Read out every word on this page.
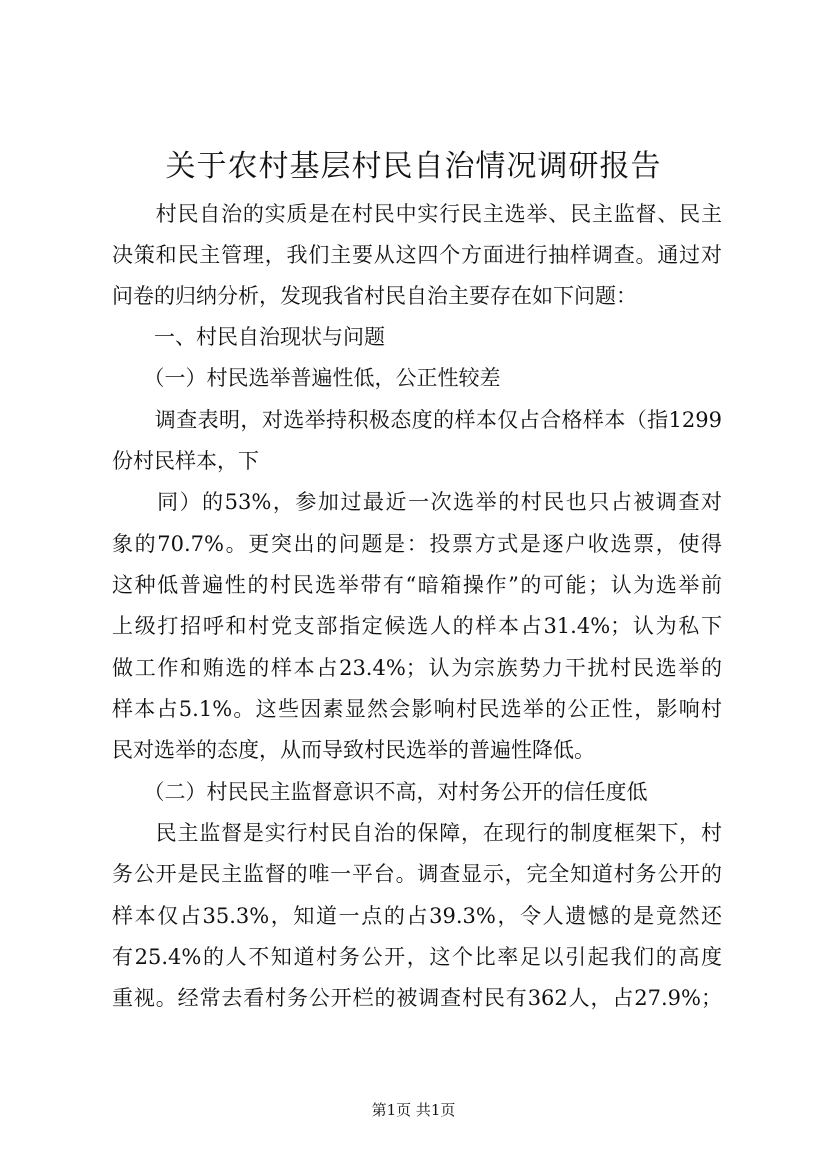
关于农村基层村民自治情况调研报告
　　村民自治的实质是在村民中实行民主选举、民主监督、民主
决策和民主管理，我们主要从这四个方面进行抽样调查。通过对
问卷的归纳分析，发现我省村民自治主要存在如下问题：
　　一、村民自治现状与问题
　　（一）村民选举普遍性低，公正性较差
　　调查表明，对选举持积极态度的样本仅占合格样本（指1299
份村民样本，下
　　同）的53%，参加过最近一次选举的村民也只占被调查对
象的70.7%。更突出的问题是：投票方式是逐户收选票，使得
这种低普遍性的村民选举带有“暗箱操作”的可能；认为选举前
上级打招呼和村党支部指定候选人的样本占31.4%；认为私下
做工作和贿选的样本占23.4%；认为宗族势力干扰村民选举的
样本占5.1%。这些因素显然会影响村民选举的公正性，影响村
民对选举的态度，从而导致村民选举的普遍性降低。
　　（二）村民民主监督意识不高，对村务公开的信任度低
　　民主监督是实行村民自治的保障，在现行的制度框架下，村
务公开是民主监督的唯一平台。调查显示，完全知道村务公开的
样本仅占35.3%，知道一点的占39.3%，令人遗憾的是竟然还
有25.4%的人不知道村务公开，这个比率足以引起我们的高度
重视。经常去看村务公开栏的被调查村民有362人，占27.9%；
第1页 共1页
